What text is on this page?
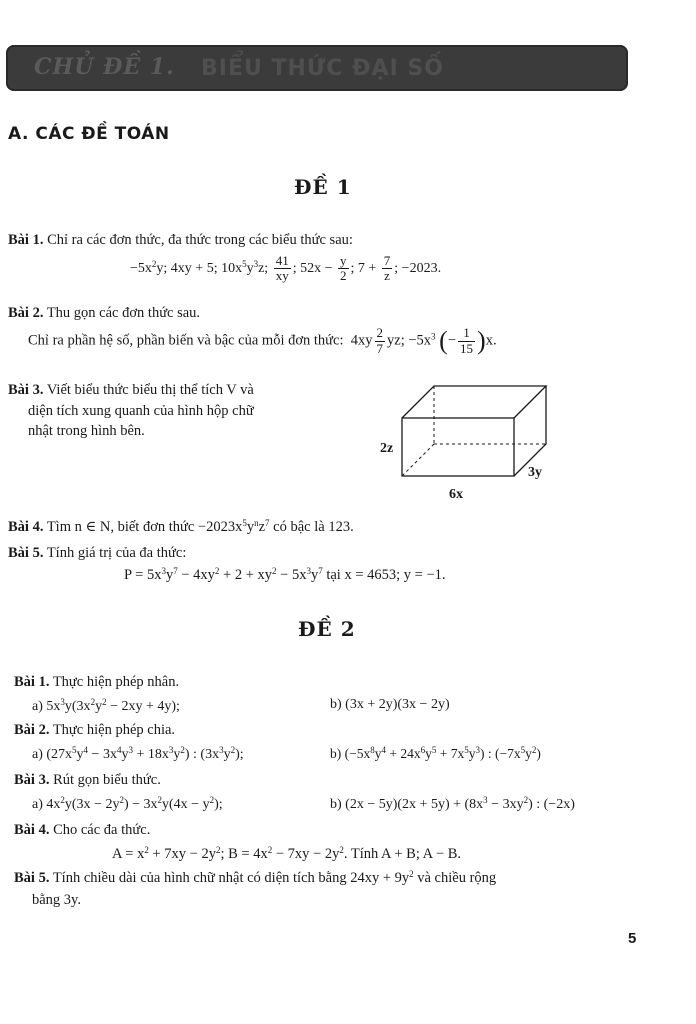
CHỦ ĐỀ 1. BIỂU THỨC ĐẠI SỐ
A. CÁC ĐỀ TOÁN
ĐỀ 1
Bài 1. Chỉ ra các đơn thức, đa thức trong các biểu thức sau:
$-5x^2y$; 4xy + 5; $10x^5y^3z$; $\frac{41}{xy}$ ; $52x - \frac{y}{2}$ ; $7 + \frac{7}{z}$ ; −2023.
Bài 2. Thu gọn các đơn thức sau.
Chỉ ra phần hệ số, phần biến và bậc của mỗi đơn thức: $4xy \frac{2}{7}$ yz; $-5x^3$ (− $\frac{1}{15} )x$.
Bài 3. Viết biểu thức biểu thị thể tích V và
diện tích xung quanh của hình hộp chữ
nhật trong hình bên.
2z
6x
3y
Bài 4. Tìm n ∈ N, biết đơn thức $-2023x^5y^nz^7$ có bậc là 123.
Bài 5. Tính giá trị của đa thức:
$P = 5x^3y^7 - 4xy^2 + 2 + xy^2 - 5x^3y^7$ tại x = 4653; y = −1.
ĐỀ 2
Bài 1. Thực hiện phép nhân.
a) $5x^3y(3x^2y^2 - 2xy + 4y)$;	b) (3x + 2y)(3x − 2y)
Bài 2. Thực hiện phép chia.
a) $(27x^5y^4 - 3x^4y^3 + 18x^3y^2)$ : $(3x^3y^2)$;	b) $(-5x^8y^4 + 24x^6y^5 + 7x^5y^3)$ : $(-7x^5y^2)$
Bài 3. Rút gọn biểu thức.
a) $4x^2y(3x - 2y^2) - 3x^2y(4x - y^2)$;	b) $(2x - 5y)(2x + 5y) + (8x^3 - 3xy^2)$ : (−2x)
Bài 4. Cho các đa thức.
$A = x^2 + 7xy - 2y^2$; $B = 4x^2 - 7xy - 2y^2$. Tính A + B; A − B.
Bài 5. Tính chiều dài của hình chữ nhật có diện tích bằng $24xy + 9y^2$ và chiều rộng
bằng 3y.
5
